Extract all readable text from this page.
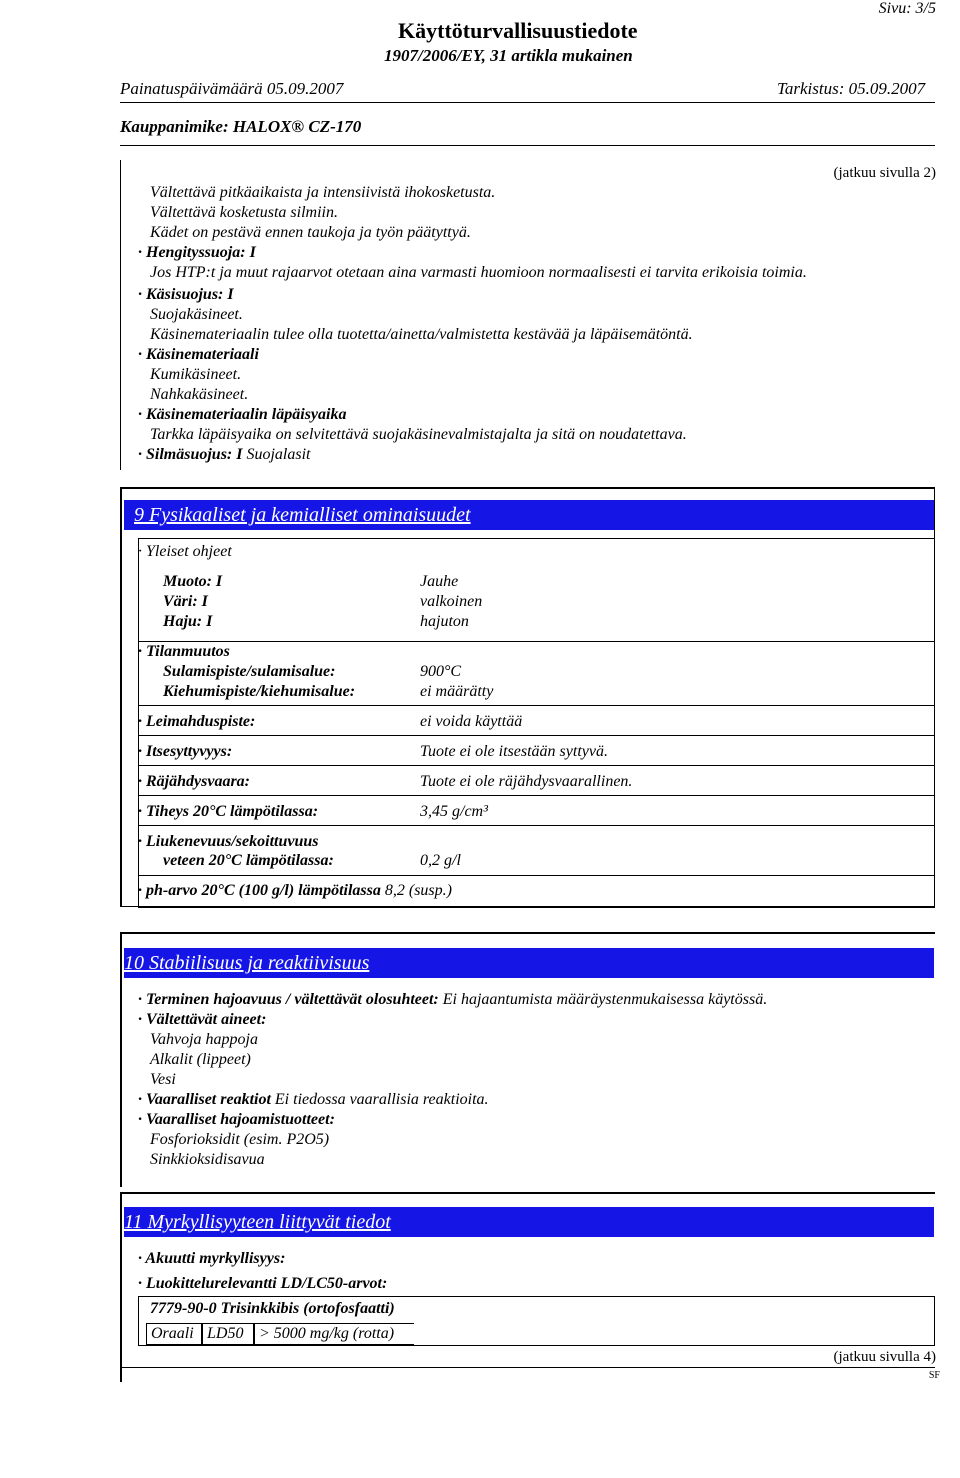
Sivu: 3/5
Käyttöturvallisuustiedote
1907/2006/EY, 31 artikla mukainen
Painatuspäivämäärä 05.09.2007	Tarkistus: 05.09.2007
Kauppanimike: HALOX® CZ-170
(jatkuu sivulla 2)
Vältettävä pitkäaikaista ja intensiivistä ihokosketusta.
Vältettävä kosketusta silmiin.
Kädet on pestävä ennen taukoja ja työn päätyttyä.
· Hengityssuoja: I
Jos HTP:t ja muut rajaarvot otetaan aina varmasti huomioon normaalisesti ei tarvita erikoisia toimia.
· Käsisuojus: I
Suojakäsineet.
Käsinemateriaalin tulee olla tuotetta/ainetta/valmistetta kestävää ja läpäisemätöntä.
· Käsinemateriaali
Kumikäsineet.
Nahkakäsineet.
· Käsinemateriaalin läpäisyaika
Tarkka läpäisyaika on selvitettävä suojakäsinevalmistajalta ja sitä on noudatettava.
· Silmäsuojus: I Suojalasit
9 Fysikaaliset ja kemialliset ominaisuudet
· Yleiset ohjeet
Muoto: I	Jauhe
Väri: I	valkoinen
Haju: I	hajuton
· Tilanmuutos
Sulamispiste/sulamisalue:	900°C
Kiehumispiste/kiehumisalue:	ei määrätty
· Leimahduspiste:	ei voida käyttää
· Itsesyttyvyys:	Tuote ei ole itsestään syttyvä.
· Räjähdysvaara:	Tuote ei ole räjähdysvaarallinen.
· Tiheys 20°C lämpötilassa:	3,45 g/cm³
· Liukenevuus/sekoittuvuus
veteen 20°C lämpötilassa:	0,2 g/l
· ph-arvo 20°C (100 g/l) lämpötilassa 8,2 (susp.)
10 Stabiilisuus ja reaktiivisuus
· Terminen hajoavuus / vältettävät olosuhteet: Ei hajaantumista määräystenmukaisessa käytössä.
· Vältettävät aineet:
Vahvoja happoja
Alkalit (lippeet)
Vesi
· Vaaralliset reaktiot Ei tiedossa vaarallisia reaktioita.
· Vaaralliset hajoamistuotteet:
Fosforioksidit (esim. P2O5)
Sinkkioksidisavua
11 Myrkyllisyyteen liittyvät tiedot
· Akuutti myrkyllisyys:
· Luokittelurelevantti LD/LC50-arvot:
7779-90-0 Trisinkkibis (ortofosfaatti)
Oraali LD50 > 5000 mg/kg (rotta)
(jatkuu sivulla 4)
SF
